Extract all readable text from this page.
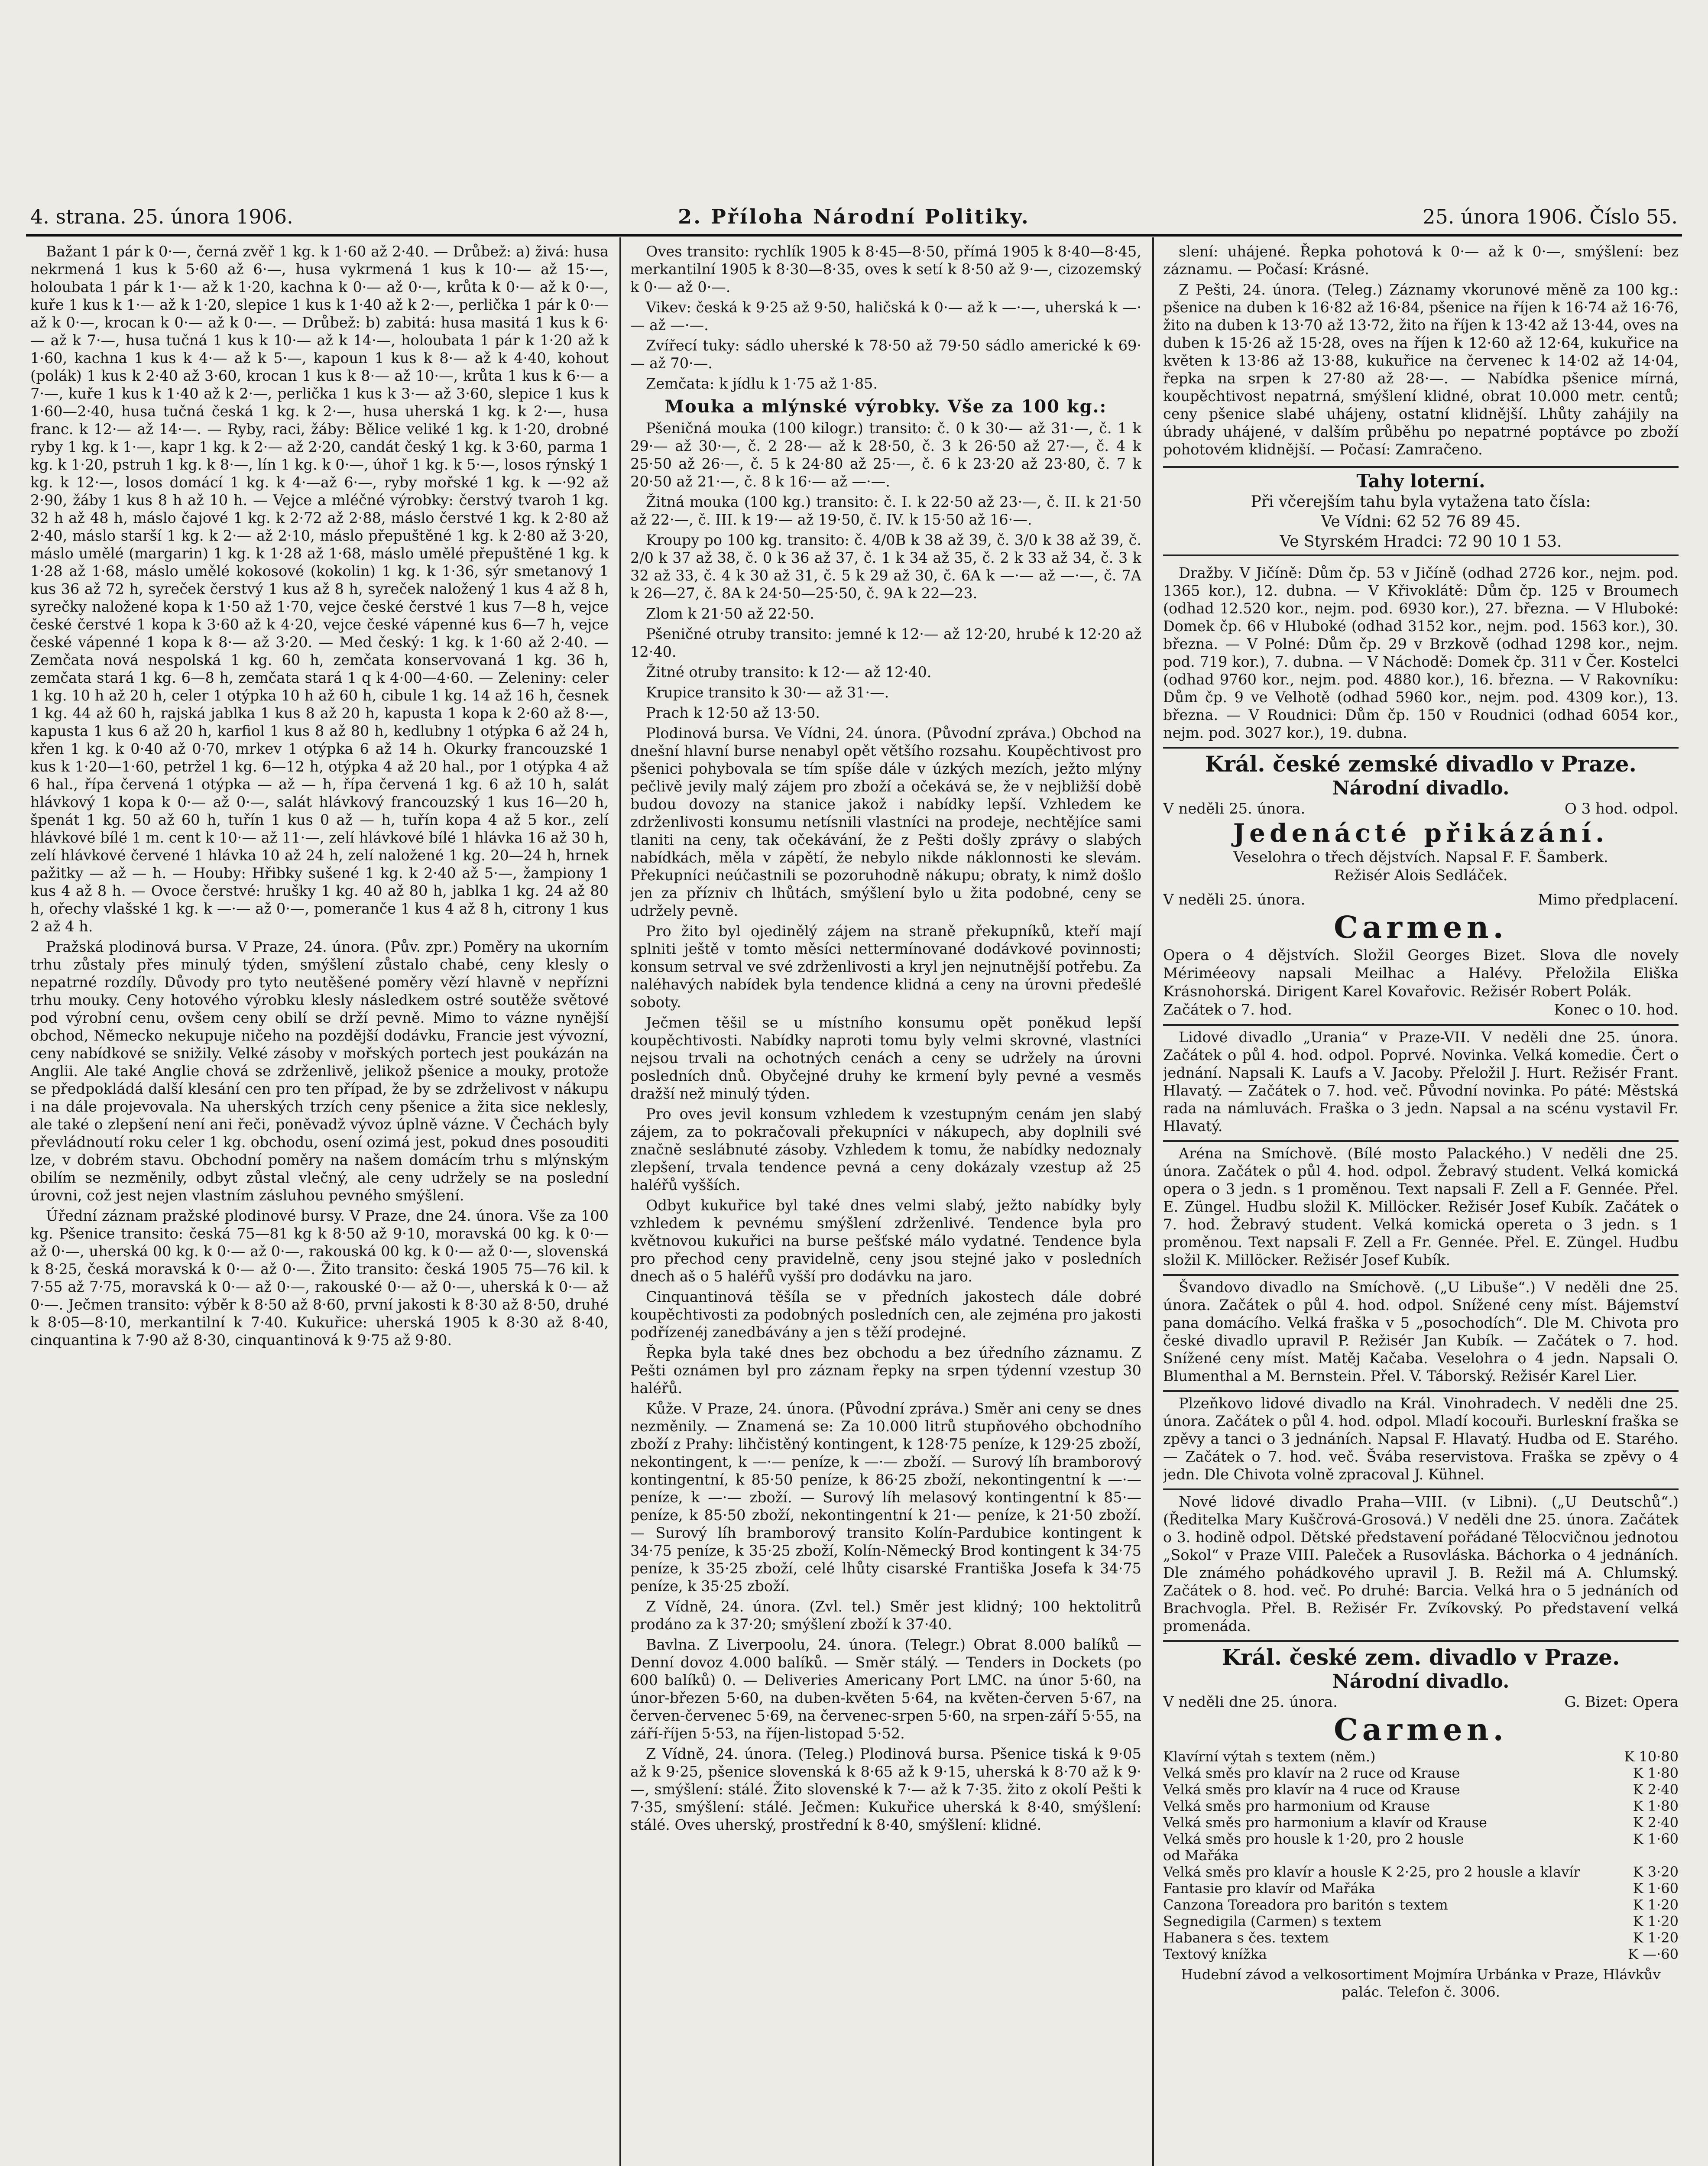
4. strana. 25. února 1906.	2. Příloha Národní Politiky.	25. února 1906. Číslo 55.

Bažant 1 pár k 0·—, černá zvěř 1 kg. k 1·60 až 2·40. — Drůbež: a) živá: husa nekrmená 1 kus k 5·60 až 6·—, husa vykrmená 1 kus k 10·— až 15·—, holoubata 1 pár k 1·— až k 1·20, kachna k 0·— až 0·—, krůta k 0·— až k 0·—, kuře 1 kus k 1·— až k 1·20, slepice 1 kus k 1·40 až k 2·—, perlička 1 pár k 0·— až k 0·—, krocan k 0·— až k 0·—. — Drůbež: b) zabitá: husa masitá 1 kus k 6·— až k 7·—, husa tučná 1 kus k 10·— až k 14·—, holoubata 1 pár k 1·20 až k 1·60, kachna 1 kus k 4·— až k 5·—, kapoun 1 kus k 8·— až k 4·40, kohout (polák) 1 kus k 2·40 až 3·60, krocan 1 kus k 8·— až 10·—, krůta 1 kus k 6·— a 7·—, kuře 1 kus k 1·40 až k 2·—, perlička 1 kus k 3·— až 3·60, slepice 1 kus k 1·60—2·40, husa tučná česká 1 kg. k 2·—, husa uherská 1 kg. k 2·—, husa franc. k 12·— až 14·—. — Ryby, raci, žáby: Bělice veliké 1 kg. k 1·20, drobné ryby 1 kg. k 1·—, kapr 1 kg. k 2·— až 2·20, candát český 1 kg. k 3·60, parma 1 kg. k 1·20, pstruh 1 kg. k 8·—, lín 1 kg. k 0·—, úhoř 1 kg. k 5·—, losos rýnský 1 kg. k 12·—, losos domácí 1 kg. k 4·—až 6·—, ryby mořské 1 kg. k —·92 až 2·90, žáby 1 kus 8 h až 10 h. — Vejce a mléčné výrobky: čerstvý tvaroh 1 kg. 32 h až 48 h, máslo čajové 1 kg. k 2·72 až 2·88, máslo čerstvé 1 kg. k 2·80 až 2·40, máslo starší 1 kg. k 2·— až 2·10, máslo přepuštěné 1 kg. k 2·80 až 3·20, máslo umělé (margarin) 1 kg. k 1·28 až 1·68, máslo umělé přepuštěné 1 kg. k 1·28 až 1·68, máslo umělé kokosové (kokolin) 1 kg. k 1·36, sýr smetanový 1 kus 36 až 72 h, syreček čerstvý 1 kus až 8 h, syreček naložený 1 kus 4 až 8 h, syrečky naložené kopa k 1·50 až 1·70, vejce české čerstvé 1 kus 7—8 h, vejce české čerstvé 1 kopa k 3·60 až k 4·20, vejce české vápenné kus 6—7 h, vejce české vápenné 1 kopa k 8·— až 3·20. — Med český: 1 kg. k 1·60 až 2·40. — Zemčata nová nespolská 1 kg. 60 h, zemčata konservovaná 1 kg. 36 h, zemčata stará 1 kg. 6—8 h, zemčata stará 1 q k 4·00—4·60. — Zeleniny: celer 1 kg. 10 h až 20 h, celer 1 otýpka 10 h až 60 h, cibule 1 kg. 14 až 16 h, česnek 1 kg. 44 až 60 h, rajská jablka 1 kus 8 až 20 h, kapusta 1 kopa k 2·60 až 8·—, kapusta 1 kus 6 až 20 h, karfiol 1 kus 8 až 80 h, kedlubny 1 otýpka 6 až 24 h, křen 1 kg. k 0·40 až 0·70, mrkev 1 otýpka 6 až 14 h. Okurky francouzské 1 kus k 1·20—1·60, petržel 1 kg. 6—12 h, otýpka 4 až 20 hal., por 1 otýpka 4 až 6 hal., řípa červená 1 otýpka — až — h, řípa červená 1 kg. 6 až 10 h, salát hlávkový 1 kopa k 0·— až 0·—, salát hlávkový francouzský 1 kus 16—20 h, špenát 1 kg. 50 až 60 h, tuřín 1 kus 0 až — h, tuřín kopa 4 až 5 kor., zelí hlávkové bílé 1 m. cent k 10·— až 11·—, zelí hlávkové bílé 1 hlávka 16 až 30 h, zelí hlávkové červené 1 hlávka 10 až 24 h, zelí naložené 1 kg. 20—24 h, hrnek pažitky — až — h. — Houby: Hřibky sušené 1 kg. k 2·40 až 5·—, žampiony 1 kus 4 až 8 h. — Ovoce čerstvé: hrušky 1 kg. 40 až 80 h, jablka 1 kg. 24 až 80 h, ořechy vlašské 1 kg. k —·— až 0·—, pomeranče 1 kus 4 až 8 h, citrony 1 kus 2 až 4 h.

Pražská plodinová bursa. V Praze, 24. února. (Pův. zpr.) Poměry na ukorním trhu zůstaly přes minulý týden, smýšlení zůstalo chabé, ceny klesly o nepatrné rozdíly. Důvody pro tyto neutěšené poměry vězí hlavně v nepřízni trhu mouky. Ceny hotového výrobku klesly následkem ostré soutěže světové pod výrobní cenu, ovšem ceny obilí se drží pevně. Mimo to vázne nynější obchod, Německo nekupuje ničeho na pozdější dodávku, Francie jest vývozní, ceny nabídkové se snižily. Velké zásoby v mořských portech jest poukázán na Anglii. Ale také Anglie chová se zdrženlivě, jelikož pšenice a mouky, protože se předpokládá další klesání cen pro ten případ, že by se zdrželivost v nákupu i na dále projevovala. Na uherských trzích ceny pšenice a žita sice neklesly, ale také o zlepšení není ani řeči, poněvadž vývoz úplně vázne. V Čechách byly převládnoutí roku celer 1 kg. obchodu, osení ozimá jest, pokud dnes posouditi lze, v dobrém stavu. Obchodní poměry na našem domácím trhu s mlýnským obilím se nezměnily, odbyt zůstal vlečný, ale ceny udržely se na poslední úrovni, což jest nejen vlastním zásluhou pevného smýšlení.

Úřední záznam pražské plodinové bursy. V Praze, dne 24. února. Vše za 100 kg. Pšenice transito: česká 75—81 kg k 8·50 až 9·10, moravská 00 kg. k 0·— až 0·—, uherská 00 kg. k 0·— až 0·—, rakouská 00 kg. k 0·— až 0·—, slovenská k 8·25, česká moravská k 0·— až 0·—. Žito transito: česká 1905 75—76 kil. k 7·55 až 7·75, moravská k 0·— až 0·—, rakouské 0·— až 0·—, uherská k 0·— až 0·—. Ječmen transito: výběr k 8·50 až 8·60, první jakosti k 8·30 až 8·50, druhé k 8·05—8·10, merkantilní k 7·40. Kukuřice: uherská 1905 k 8·30 až 8·40, cinquantina k 7·90 až 8·30, cinquantinová k 9·75 až 9·80.

Oves transito: rychlík 1905 k 8·45—8·50, přímá 1905 k 8·40—8·45, merkantilní 1905 k 8·30—8·35, oves k setí k 8·50 až 9·—, cizozemský k 0·— až 0·—.

Vikev: česká k 9·25 až 9·50, haličská k 0·— až k —·—, uherská k —·— až —·—.

Zvířecí tuky: sádlo uherské k 78·50 až 79·50 sádlo americké k 69·— až 70·—.

Zemčata: k jídlu k 1·75 až 1·85.

Mouka a mlýnské výrobky. Vše za 100 kg.:

Pšeničná mouka (100 kilogr.) transito: č. 0 k 30·— až 31·—, č. 1 k 29·— až 30·—, č. 2 28·— až k 28·50, č. 3 k 26·50 až 27·—, č. 4 k 25·50 až 26·—, č. 5 k 24·80 až 25·—, č. 6 k 23·20 až 23·80, č. 7 k 20·50 až 21·—, č. 8 k 16·— až —·—.

Žitná mouka (100 kg.) transito: č. I. k 22·50 až 23·—, č. II. k 21·50 až 22·—, č. III. k 19·— až 19·50, č. IV. k 15·50 až 16·—.

Kroupy po 100 kg. transito: č. 4/0B k 38 až 39, č. 3/0 k 38 až 39, č. 2/0 k 37 až 38, č. 0 k 36 až 37, č. 1 k 34 až 35, č. 2 k 33 až 34, č. 3 k 32 až 33, č. 4 k 30 až 31, č. 5 k 29 až 30, č. 6A k —·— až —·—, č. 7A k 26—27, č. 8A k 24·50—25·50, č. 9A k 22—23.

Zlom k 21·50 až 22·50.

Pšeničné otruby transito: jemné k 12·— až 12·20, hrubé k 12·20 až 12·40.

Žitné otruby transito: k 12·— až 12·40.

Krupice transito k 30·— až 31·—.

Prach k 12·50 až 13·50.

Plodinová bursa. Ve Vídni, 24. února. (Původní zpráva.) Obchod na dnešní hlavní burse nenabyl opět většího rozsahu. Koupěchtivost pro pšenici pohybovala se tím spíše dále v úzkých mezích, ježto mlýny pečlivě jevily malý zájem pro zboží a očekává se, že v nejbližší době budou dovozy na stanice jakož i nabídky lepší. Vzhledem ke zdrženlivosti konsumu netísnili vlastníci na prodeje, nechtějíce sami tlaniti na ceny, tak očekávání, že z Pešti došly zprávy o slabých nabídkách, měla v zápětí, že nebylo nikde náklonnosti ke slevám. Překupníci neúčastnili se pozoruhodně nákupu; obraty, k nimž došlo jen za přízniv ch lhůtách, smýšlení bylo u žita podobné, ceny se udržely pevně.

Pro žito byl ojedinělý zájem na straně překupníků, kteří mají splniti ještě v tomto měsíci nettermínované dodávkové povinnosti; konsum setrval ve své zdrženlivosti a kryl jen nejnutnější potřebu. Za naléhavých nabídek byla tendence klidná a ceny na úrovni předešlé soboty.

Ječmen těšil se u místního konsumu opět poněkud lepší koupěchtivosti. Nabídky naproti tomu byly velmi skrovné, vlastníci nejsou trvali na ochotných cenách a ceny se udržely na úrovni posledních dnů. Obyčejné druhy ke krmení byly pevné a vesměs dražší než minulý týden.

Pro oves jevil konsum vzhledem k vzestupným cenám jen slabý zájem, za to pokračovali překupníci v nákupech, aby doplnili své značně seslábnuté zásoby. Vzhledem k tomu, že nabídky nedoznaly zlepšení, trvala tendence pevná a ceny dokázaly vzestup až 25 haléřů vyšších.

Odbyt kukuřice byl také dnes velmi slabý, ježto nabídky byly vzhledem k pevnému smýšlení zdrženlivé. Tendence byla pro květnovou kukuřici na burse pešťské málo vydatné. Tendence byla pro přechod ceny pravidelně, ceny jsou stejné jako v posledních dnech aš o 5 haléřů vyšší pro dodávku na jaro.

Cinquantinová těšíla se v předních jakostech dále dobré koupěchtivosti za podobných posledních cen, ale zejména pro jakosti podřízenéj zanedbávány a jen s těží prodejné.

Řepka byla také dnes bez obchodu a bez úředního záznamu. Z Pešti oznámen byl pro záznam řepky na srpen týdenní vzestup 30 haléřů.

Kůže. V Praze, 24. února. (Původní zpráva.) Směr ani ceny se dnes nezměnily. — Znamená se: Za 10.000 litrů stupňového obchodního zboží z Prahy: lihčistěný kontingent, k 128·75 peníze, k 129·25 zboží, nekontingent, k —·— peníze, k —·— zboží. — Surový líh bramborový kontingentní, k 85·50 peníze, k 86·25 zboží, nekontingentní k —·— peníze, k —·— zboží. — Surový líh melasový kontingentní k 85·— peníze, k 85·50 zboží, nekontingentní k 21·— peníze, k 21·50 zboží. — Surový líh bramborový transito Kolín-Pardubice kontingent k 34·75 peníze, k 35·25 zboží, Kolín-Německý Brod kontingent k 34·75 peníze, k 35·25 zboží, celé lhůty cisarské Františka Josefa k 34·75 peníze, k 35·25 zboží.

Z Vídně, 24. února. (Zvl. tel.) Směr jest klidný; 100 hektolitrů prodáno za k 37·20; smýšlení zboží k 37·40.

Bavlna. Z Liverpoolu, 24. února. (Telegr.) Obrat 8.000 balíků — Denní dovoz 4.000 balíků. — Směr stálý. — Tenders in Dockets (po 600 balíků) 0. — Deliveries Americany Port LMC. na únor 5·60, na únor-březen 5·60, na duben-květen 5·64, na květen-červen 5·67, na červen-červenec 5·69, na červenec-srpen 5·60, na srpen-září 5·55, na září-říjen 5·53, na říjen-listopad 5·52.

Z Vídně, 24. února. (Teleg.) Plodinová bursa. Pšenice tiská k 9·05 až k 9·25, pšenice slovenská k 8·65 až k 9·15, uherská k 8·70 až k 9·—, smýšlení: stálé. Žito slovenské k 7·— až k 7·35. žito z okolí Pešti k 7·35, smýšlení: stálé. Ječmen: Kukuřice uherská k 8·40, smýšlení: stálé. Oves uherský, prostřední k 8·40, smýšlení: klidné.

slení: uhájené. Řepka pohotová k 0·— až k 0·—, smýšlení: bez záznamu. — Počasí: Krásné.

Z Pešti, 24. února. (Teleg.) Záznamy vkorunové měně za 100 kg.: pšenice na duben k 16·82 až 16·84, pšenice na říjen k 16·74 až 16·76, žito na duben k 13·70 až 13·72, žito na říjen k 13·42 až 13·44, oves na duben k 15·26 až 15·28, oves na říjen k 12·60 až 12·64, kukuřice na květen k 13·86 až 13·88, kukuřice na červenec k 14·02 až 14·04, řepka na srpen k 27·80 až 28·—. — Nabídka pšenice mírná, koupěchtivost nepatrná, smýšlení klidné, obrat 10.000 metr. centů; ceny pšenice slabé uhájeny, ostatní klidnější. Lhůty zahájily na úbrady uhájené, v dalším průběhu po nepatrné poptávce po zboží pohotovém klidnější. — Počasí: Zamračeno.

Tahy loterní.
Při včerejším tahu byla vytažena tato čísla:
Ve Vídni: 62 52 76 89 45.
Ve Styrském Hradci: 72 90 10 1 53.

Dražby. V Jičíně: Dům čp. 53 v Jičíně (odhad 2726 kor., nejm. pod. 1365 kor.), 12. dubna. — V Křivoklátě: Dům čp. 125 v Broumech (odhad 12.520 kor., nejm. pod. 6930 kor.), 27. března. — V Hluboké: Domek čp. 66 v Hluboké (odhad 3152 kor., nejm. pod. 1563 kor.), 30. března. — V Polné: Dům čp. 29 v Brzkově (odhad 1298 kor., nejm. pod. 719 kor.), 7. dubna. — V Náchodě: Domek čp. 311 v Čer. Kostelci (odhad 9760 kor., nejm. pod. 4880 kor.), 16. března. — V Rakovníku: Dům čp. 9 ve Velhotě (odhad 5960 kor., nejm. pod. 4309 kor.), 13. března. — V Roudnici: Dům čp. 150 v Roudnici (odhad 6054 kor., nejm. pod. 3027 kor.), 19. dubna.

Král. české zemské divadlo v Praze.
Národní divadlo.
V neděli 25. února.	O 3 hod. odpol.
Jedenácté přikázání.
Veselohra o třech dějstvích. Napsal F. F. Šamberk.
Režisér Alois Sedláček.
V neděli 25. února.	Mimo předplacení.
Carmen.
Opera o 4 dějstvích. Složil Georges Bizet. Slova dle novely Mériméeovy napsali Meilhac a Halévy. Přeložila Eliška Krásnohorská. Dirigent Karel Kovařovic. Režisér Robert Polák.
Začátek o 7. hod.	Konec o 10. hod.

Lidové divadlo „Urania“ v Praze-VII. V neděli dne 25. února. Začátek o půl 4. hod. odpol. Poprvé. Novinka. Velká komedie. Čert o jednání. Napsali K. Laufs a V. Jacoby. Přeložil J. Hurt. Režisér Frant. Hlavatý. — Začátek o 7. hod. več. Původní novinka. Po páté: Městská rada na námluvách. Fraška o 3 jedn. Napsal a na scénu vystavil Fr. Hlavatý.

Aréna na Smíchově. (Bílé mosto Palackého.) V neděli dne 25. února. Začátek o půl 4. hod. odpol. Žebravý student. Velká komická opera o 3 jedn. s 1 proměnou. Text napsali F. Zell a F. Gennée. Přel. E. Züngel. Hudbu složil K. Millöcker. Režisér Josef Kubík. Začátek o 7. hod. Žebravý student. Velká komická opereta o 3 jedn. s 1 proměnou. Text napsali F. Zell a Fr. Gennée. Přel. E. Züngel. Hudbu složil K. Millöcker. Režisér Josef Kubík.

Švandovo divadlo na Smíchově. („U Libuše“.) V neděli dne 25. února. Začátek o půl 4. hod. odpol. Snížené ceny míst. Bájemství pana domácího. Velká fraška v 5 „posochodích“. Dle M. Chivota pro české divadlo upravil P. Režisér Jan Kubík. — Začátek o 7. hod. Snížené ceny míst. Matěj Kačaba. Veselohra o 4 jedn. Napsali O. Blumenthal a M. Bernstein. Přel. V. Táborský. Režisér Karel Lier.

Plzeňkovo lidové divadlo na Král. Vinohradech. V neděli dne 25. února. Začátek o půl 4. hod. odpol. Mladí kocouři. Burleskní fraška se zpěvy a tanci o 3 jednáních. Napsal F. Hlavatý. Hudba od E. Starého. — Začátek o 7. hod. več. Švába reservistova. Fraška se zpěvy o 4 jedn. Dle Chivota volně zpracoval J. Kühnel.

Nové lidové divadlo Praha—VIII. (v Libni). („U Deutschů“.) (Ředitelka Mary Kuščrová-Grosová.) V neděli dne 25. února. Začátek o 3. hodině odpol. Dětské představení pořádané Tělocvičnou jednotou „Sokol“ v Praze VIII. Paleček a Rusovláska. Báchorka o 4 jednáních. Dle známého pohádkového upravil J. B. Režil má A. Chlumský. Začátek o 8. hod. več. Po druhé: Barcia. Velká hra o 5 jednáních od Brachvogla. Přel. B. Režisér Fr. Zvíkovský. Po představení velká promenáda.

Král. české zem. divadlo v Praze.
Národní divadlo.
V neděli dne 25. února.	G. Bizet: Opera
Carmen.
Klavírní výtah s textem (něm.)	K 10·80
Velká směs pro klavír na 2 ruce od Krause	K 1·80
Velká směs pro klavír na 4 ruce od Krause	K 2·40
Velká směs pro harmonium od Krause	K 1·80
Velká směs pro harmonium a klavír od Krause	K 2·40
Velká směs pro housle k 1·20, pro 2 housle	K 1·60
od Mařáka
Velká směs pro klavír a housle K 2·25, pro 2 housle a klavír	K 3·20
Fantasie pro klavír od Mařáka	K 1·60
Canzona Toreadora pro baritón s textem	K 1·20
Segnedigila (Carmen) s textem	K 1·20
Habanera s čes. textem	K 1·20
Textový knížka	K —·60
Hudební závod a velkosortiment Mojmíra Urbánka v Praze, Hlávkův palác. Telefon č. 3006.
